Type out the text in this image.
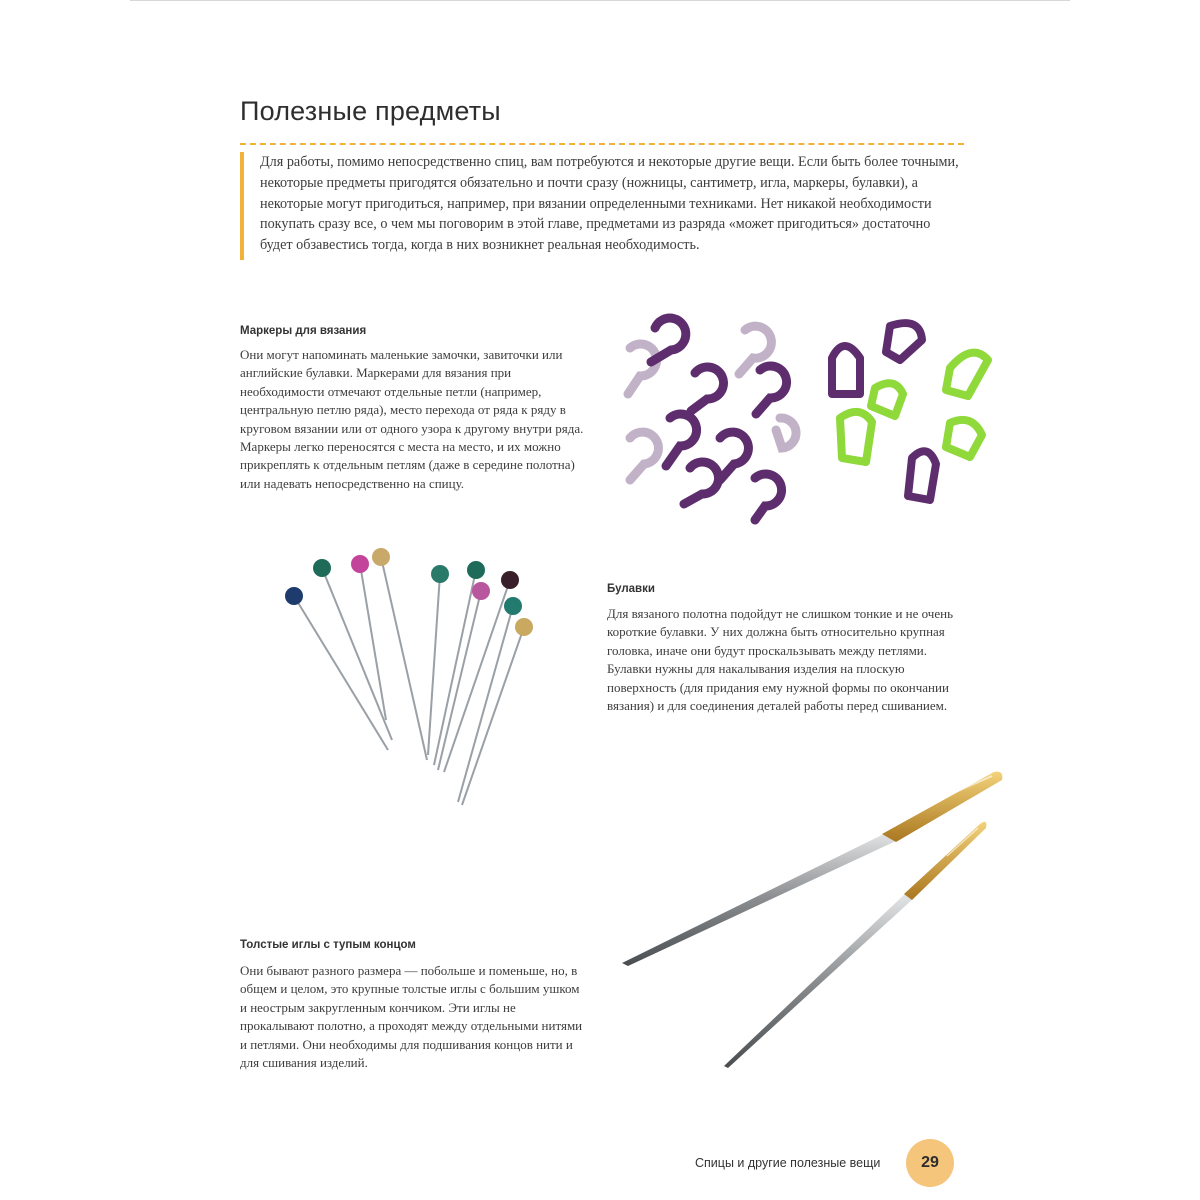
Полезные предметы

Для работы, помимо непосредственно спиц, вам потребуются и некоторые другие вещи. Если быть более точными, некоторые предметы пригодятся обязательно и почти сразу (ножницы, сантиметр, игла, маркеры, булавки), а некоторые могут пригодиться, например, при вязании определенными техниками. Нет никакой необходимости покупать сразу все, о чем мы поговорим в этой главе, предметами из разряда «может пригодиться» достаточно будет обзавестись тогда, когда в них возникнет реальная необходимость.

Маркеры для вязания

Они могут напоминать маленькие замочки, завиточки или английские булавки. Маркерами для вязания при необходимости отмечают отдельные петли (например, центральную петлю ряда), место перехода от ряда к ряду в круговом вязании или от одного узора к другому внутри ряда. Маркеры легко переносятся с места на место, и их можно прикреплять к отдельным петлям (даже в середине полотна) или надевать непосредственно на спицу.

Булавки

Для вязаного полотна подойдут не слишком тонкие и не очень короткие булавки. У них должна быть относительно крупная головка, иначе они будут проскальзывать между петлями. Булавки нужны для накалывания изделия на плоскую поверхность (для придания ему нужной формы по окончании вязания) и для соединения деталей работы перед сшиванием.

Толстые иглы с тупым концом

Они бывают разного размера — побольше и поменьше, но, в общем и целом, это крупные толстые иглы с большим ушком и неострым закругленным кончиком. Эти иглы не прокалывают полотно, а проходят между отдельными нитями и петлями. Они необходимы для подшивания концов нити и для сшивания изделий.

Спицы и другие полезные вещи	29
